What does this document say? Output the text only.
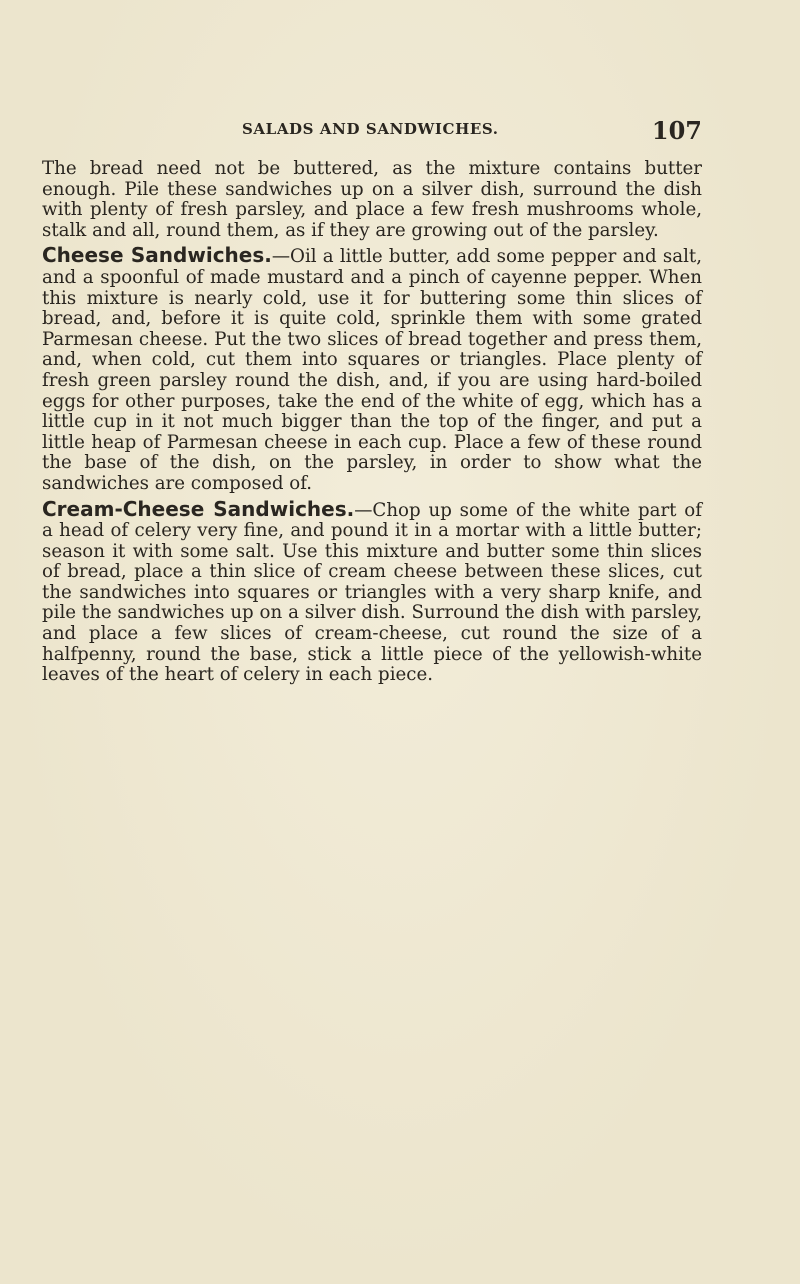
SALADS AND SANDWICHES.	107

The bread need not be buttered, as the mixture contains butter enough. Pile these sandwiches up on a silver dish, surround the dish with plenty of fresh parsley, and place a few fresh mushrooms whole, stalk and all, round them, as if they are growing out of the parsley.

Cheese Sandwiches.—Oil a little butter, add some pepper and salt, and a spoonful of made mustard and a pinch of cayenne pepper. When this mixture is nearly cold, use it for buttering some thin slices of bread, and, before it is quite cold, sprinkle them with some grated Parmesan cheese. Put the two slices of bread together and press them, and, when cold, cut them into squares or triangles. Place plenty of fresh green parsley round the dish, and, if you are using hard-boiled eggs for other purposes, take the end of the white of egg, which has a little cup in it not much bigger than the top of the finger, and put a little heap of Parmesan cheese in each cup. Place a few of these round the base of the dish, on the parsley, in order to show what the sandwiches are composed of.

Cream-Cheese Sandwiches.—Chop up some of the white part of a head of celery very fine, and pound it in a mortar with a little butter; season it with some salt. Use this mixture and butter some thin slices of bread, place a thin slice of cream cheese between these slices, cut the sandwiches into squares or triangles with a very sharp knife, and pile the sandwiches up on a silver dish. Surround the dish with parsley, and place a few slices of cream-cheese, cut round the size of a halfpenny, round the base, stick a little piece of the yellowish-white leaves of the heart of celery in each piece.
